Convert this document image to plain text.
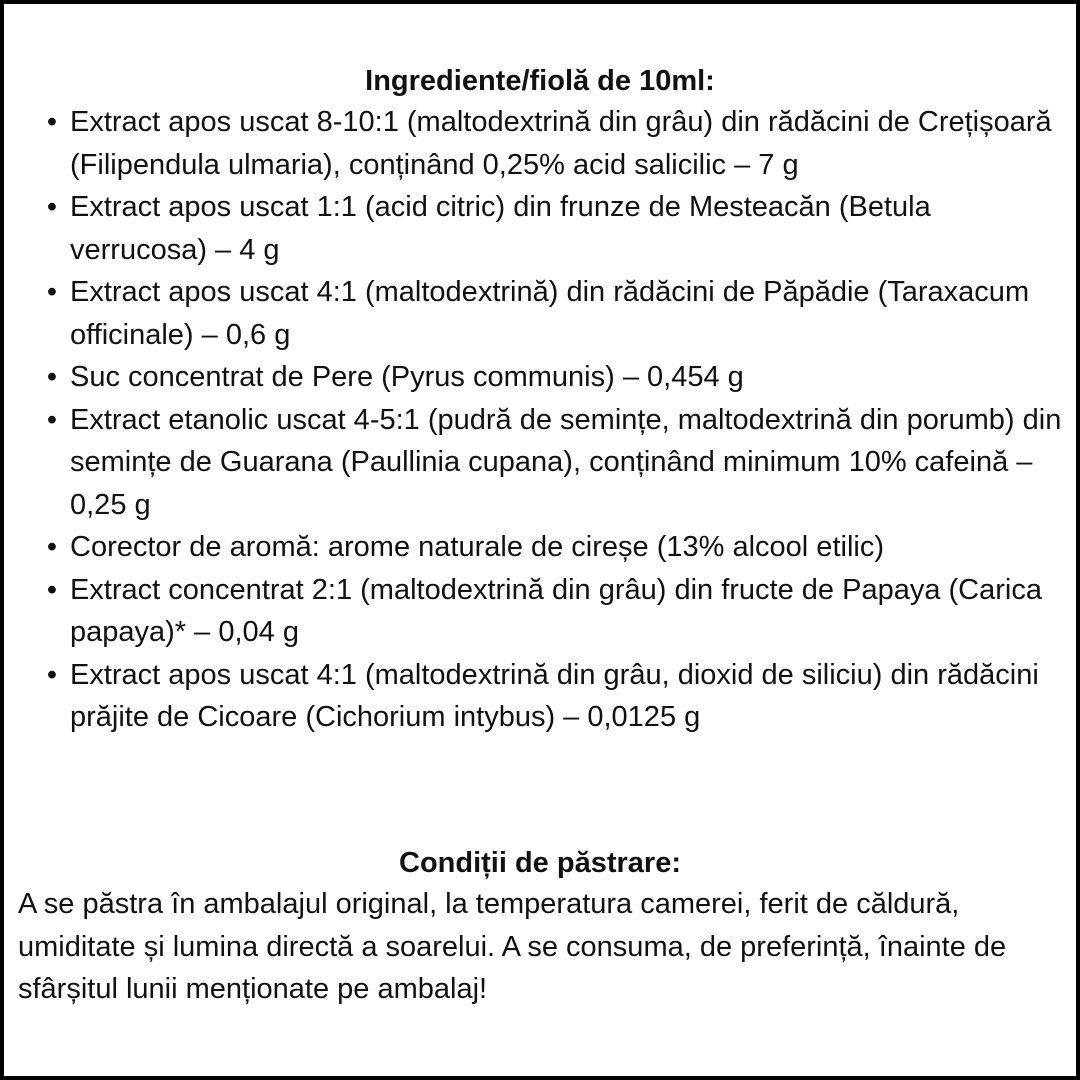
Ingrediente/fiolă de 10ml:
• Extract apos uscat 8-10:1 (maltodextrină din grâu) din rădăcini de Crețișoară (Filipendula ulmaria), conținând 0,25% acid salicilic – 7 g
• Extract apos uscat 1:1 (acid citric) din frunze de Mesteacăn (Betula verrucosa) – 4 g
• Extract apos uscat 4:1 (maltodextrină) din rădăcini de Păpădie (Taraxacum officinale) – 0,6 g
• Suc concentrat de Pere (Pyrus communis) – 0,454 g
• Extract etanolic uscat 4-5:1 (pudră de semințe, maltodextrină din porumb) din semințe de Guarana (Paullinia cupana), conținând minimum 10% cafeină – 0,25 g
• Corector de aromă: arome naturale de cireșe (13% alcool etilic)
• Extract concentrat 2:1 (maltodextrină din grâu) din fructe de Papaya (Carica papaya)* – 0,04 g
• Extract apos uscat 4:1 (maltodextrină din grâu, dioxid de siliciu) din rădăcini prăjite de Cicoare (Cichorium intybus) – 0,0125 g
Condiții de păstrare:

A se păstra în ambalajul original, la temperatura camerei, ferit de căldură, umiditate și lumina directă a soarelui. A se consuma, de preferință, înainte de sfârșitul lunii menționate pe ambalaj!
